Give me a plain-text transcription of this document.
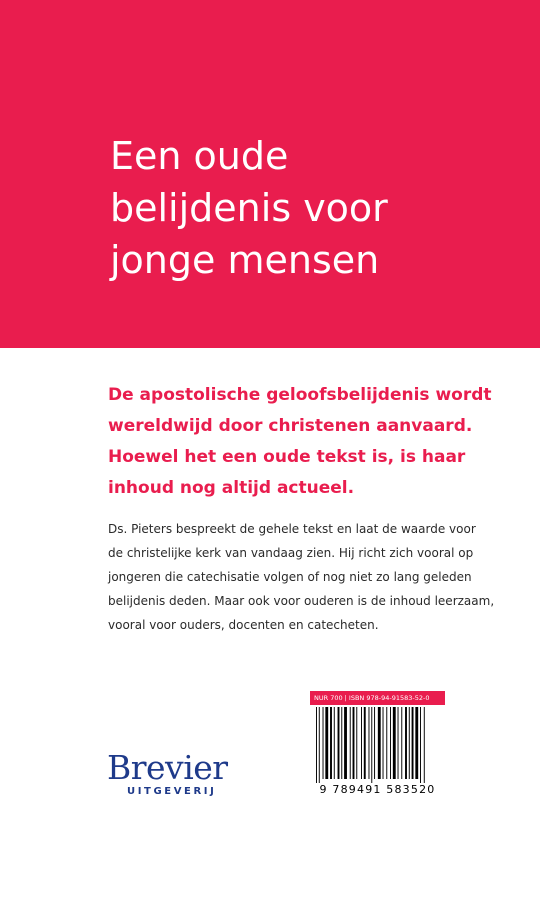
Een oude
belijdenis voor
jonge mensen
De apostolische geloofsbelijdenis wordt
wereldwijd door christenen aanvaard.
Hoewel het een oude tekst is, is haar
inhoud nog altijd actueel.
Ds. Pieters bespreekt de gehele tekst en laat de waarde voor
de christelijke kerk van vandaag zien. Hij richt zich vooral op
jongeren die catechisatie volgen of nog niet zo lang geleden
belijdenis deden. Maar ook voor ouderen is de inhoud leerzaam,
vooral voor ouders, docenten en catecheten.
Brevier
UITGEVERIJ
NUR 700 | ISBN 978-94-91583-52-0
9 789491 583520
